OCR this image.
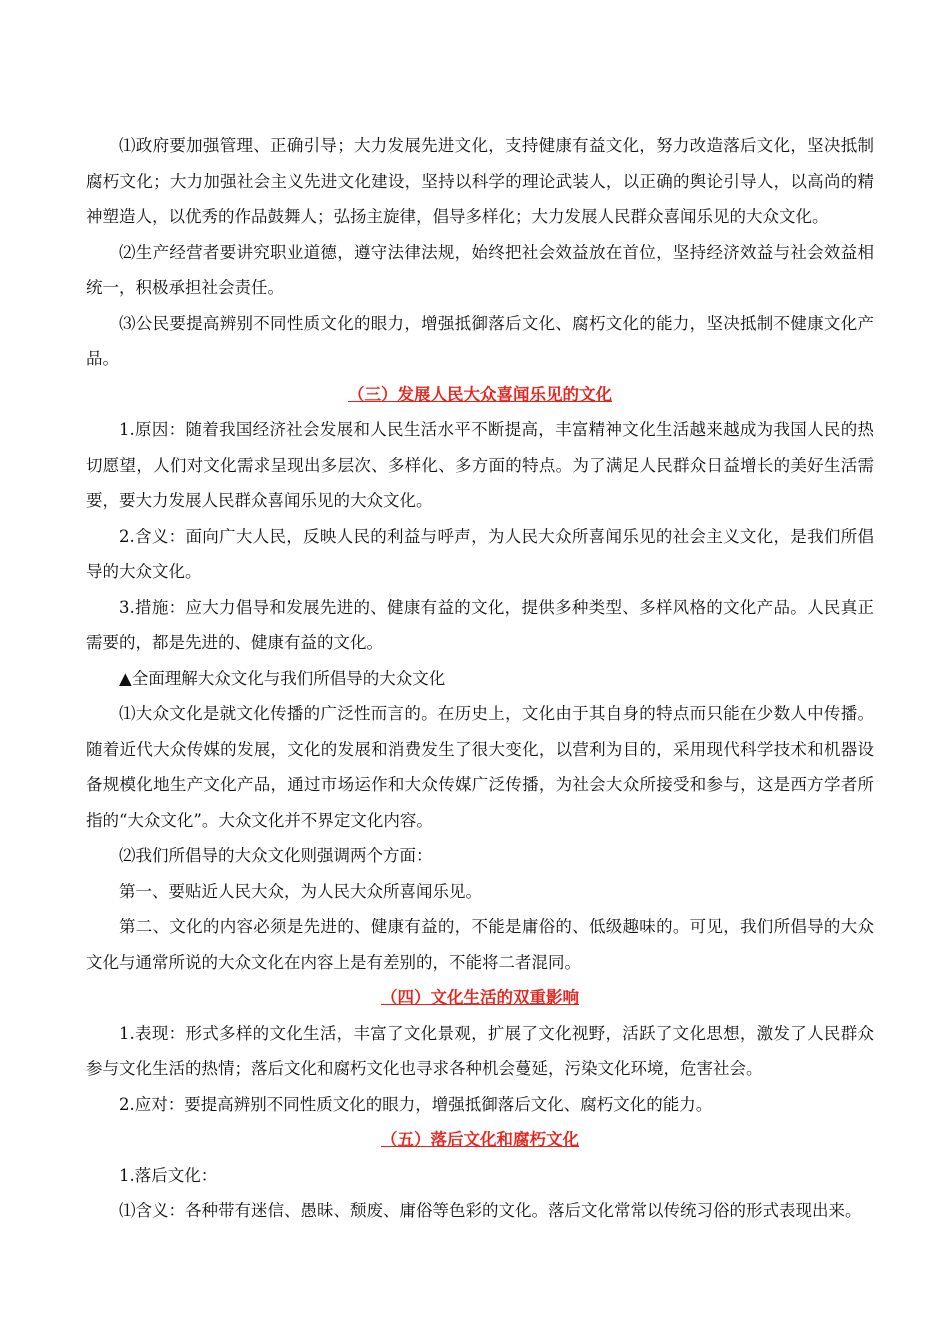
⑴政府要加强管理、正确引导；大力发展先进文化，支持健康有益文化，努力改造落后文化，坚决抵制腐朽文化；大力加强社会主义先进文化建设，坚持以科学的理论武装人，以正确的舆论引导人，以高尚的精神塑造人，以优秀的作品鼓舞人；弘扬主旋律，倡导多样化；大力发展人民群众喜闻乐见的大众文化。

⑵生产经营者要讲究职业道德，遵守法律法规，始终把社会效益放在首位，坚持经济效益与社会效益相统一，积极承担社会责任。

⑶公民要提高辨别不同性质文化的眼力，增强抵御落后文化、腐朽文化的能力，坚决抵制不健康文化产品。

（三）发展人民大众喜闻乐见的文化

1.原因：随着我国经济社会发展和人民生活水平不断提高，丰富精神文化生活越来越成为我国人民的热切愿望，人们对文化需求呈现出多层次、多样化、多方面的特点。为了满足人民群众日益增长的美好生活需要，要大力发展人民群众喜闻乐见的大众文化。

2.含义：面向广大人民，反映人民的利益与呼声，为人民大众所喜闻乐见的社会主义文化，是我们所倡导的大众文化。

3.措施：应大力倡导和发展先进的、健康有益的文化，提供多种类型、多样风格的文化产品。人民真正需要的，都是先进的、健康有益的文化。

▲全面理解大众文化与我们所倡导的大众文化

⑴大众文化是就文化传播的广泛性而言的。在历史上，文化由于其自身的特点而只能在少数人中传播。随着近代大众传媒的发展，文化的发展和消费发生了很大变化，以营利为目的，采用现代科学技术和机器设备规模化地生产文化产品，通过市场运作和大众传媒广泛传播，为社会大众所接受和参与，这是西方学者所指的“大众文化”。大众文化并不界定文化内容。

⑵我们所倡导的大众文化则强调两个方面：

第一、要贴近人民大众，为人民大众所喜闻乐见。

第二、文化的内容必须是先进的、健康有益的，不能是庸俗的、低级趣味的。可见，我们所倡导的大众文化与通常所说的大众文化在内容上是有差别的，不能将二者混同。

（四）文化生活的双重影响

1.表现：形式多样的文化生活，丰富了文化景观，扩展了文化视野，活跃了文化思想，激发了人民群众参与文化生活的热情；落后文化和腐朽文化也寻求各种机会蔓延，污染文化环境，危害社会。

2.应对：要提高辨别不同性质文化的眼力，增强抵御落后文化、腐朽文化的能力。

（五）落后文化和腐朽文化

1.落后文化：

⑴含义：各种带有迷信、愚昧、颓废、庸俗等色彩的文化。落后文化常常以传统习俗的形式表现出来。
